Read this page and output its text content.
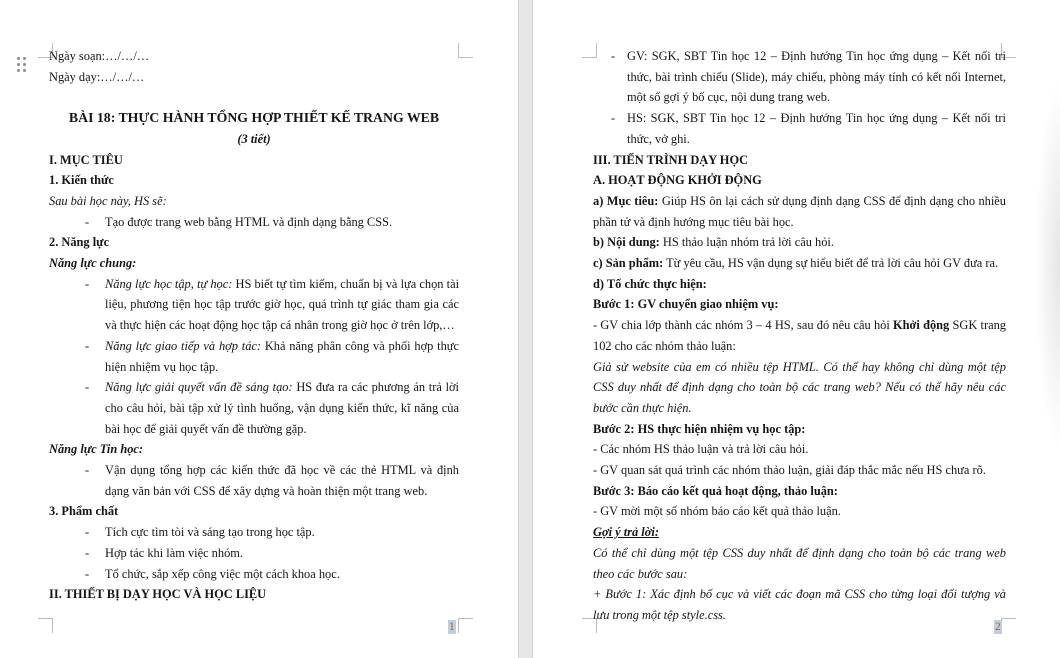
Ngày soạn:…/…/…
Ngày dạy:…/…/…

BÀI 18: THỰC HÀNH TỔNG HỢP THIẾT KẾ TRANG WEB
(3 tiết)
I. MỤC TIÊU
1. Kiến thức
Sau bài học này, HS sẽ:
- Tạo được trang web bằng HTML và định dạng bằng CSS.
2. Năng lực
Năng lực chung:
- Năng lực học tập, tự học: HS biết tự tìm kiếm, chuẩn bị và lựa chọn tài liệu, phương tiện học tập trước giờ học, quá trình tự giác tham gia các và thực hiện các hoạt động học tập cá nhân trong giờ học ở trên lớp,…
- Năng lực giao tiếp và hợp tác: Khả năng phân công và phối hợp thực hiện nhiệm vụ học tập.
- Năng lực giải quyết vấn đề sáng tạo: HS đưa ra các phương án trả lời cho câu hỏi, bài tập xử lý tình huống, vận dụng kiến thức, kĩ năng của bài học để giải quyết vấn đề thường gặp.
Năng lực Tin học:
- Vận dụng tổng hợp các kiến thức đã học về các thẻ HTML và định dạng văn bản với CSS để xây dựng và hoàn thiện một trang web.
3. Phẩm chất
- Tích cực tìm tòi và sáng tạo trong học tập.
- Hợp tác khi làm việc nhóm.
- Tổ chức, sắp xếp công việc một cách khoa học.
II. THIẾT BỊ DẠY HỌC VÀ HỌC LIỆU
1
- GV: SGK, SBT Tin học 12 – Định hướng Tin học ứng dụng – Kết nối tri thức, bài trình chiếu (Slide), máy chiếu, phòng máy tính có kết nối Internet, một số gợi ý bố cục, nội dung trang web.
- HS: SGK, SBT Tin học 12 – Định hướng Tin học ứng dụng – Kết nối tri thức, vở ghi.
III. TIẾN TRÌNH DẠY HỌC
A. HOẠT ĐỘNG KHỞI ĐỘNG
a) Mục tiêu: Giúp HS ôn lại cách sử dụng định dạng CSS để định dạng cho nhiều phần tử và định hướng mục tiêu bài học.
b) Nội dung: HS thảo luận nhóm trả lời câu hỏi.
c) Sản phẩm: Từ yêu cầu, HS vận dụng sự hiểu biết để trả lời câu hỏi GV đưa ra.
d) Tổ chức thực hiện:
Bước 1: GV chuyển giao nhiệm vụ:
- GV chia lớp thành các nhóm 3 – 4 HS, sau đó nêu câu hỏi Khởi động SGK trang 102 cho các nhóm thảo luận:
Giả sử website của em có nhiều tệp HTML. Có thể hay không chỉ dùng một tệp CSS duy nhất để định dạng cho toàn bộ các trang web? Nếu có thể hãy nêu các bước cần thực hiện.
Bước 2: HS thực hiện nhiệm vụ học tập:
- Các nhóm HS thảo luận và trả lời câu hỏi.
- GV quan sát quá trình các nhóm thảo luận, giải đáp thắc mắc nếu HS chưa rõ.
Bước 3: Báo cáo kết quả hoạt động, thảo luận:
- GV mời một số nhóm báo cáo kết quả thảo luận.
Gợi ý trả lời:
Có thể chỉ dùng một tệp CSS duy nhất để định dạng cho toàn bộ các trang web theo các bước sau:
+ Bước 1: Xác định bố cục và viết các đoạn mã CSS cho từng loại đối tượng và lưu trong một tệp style.css.
2
